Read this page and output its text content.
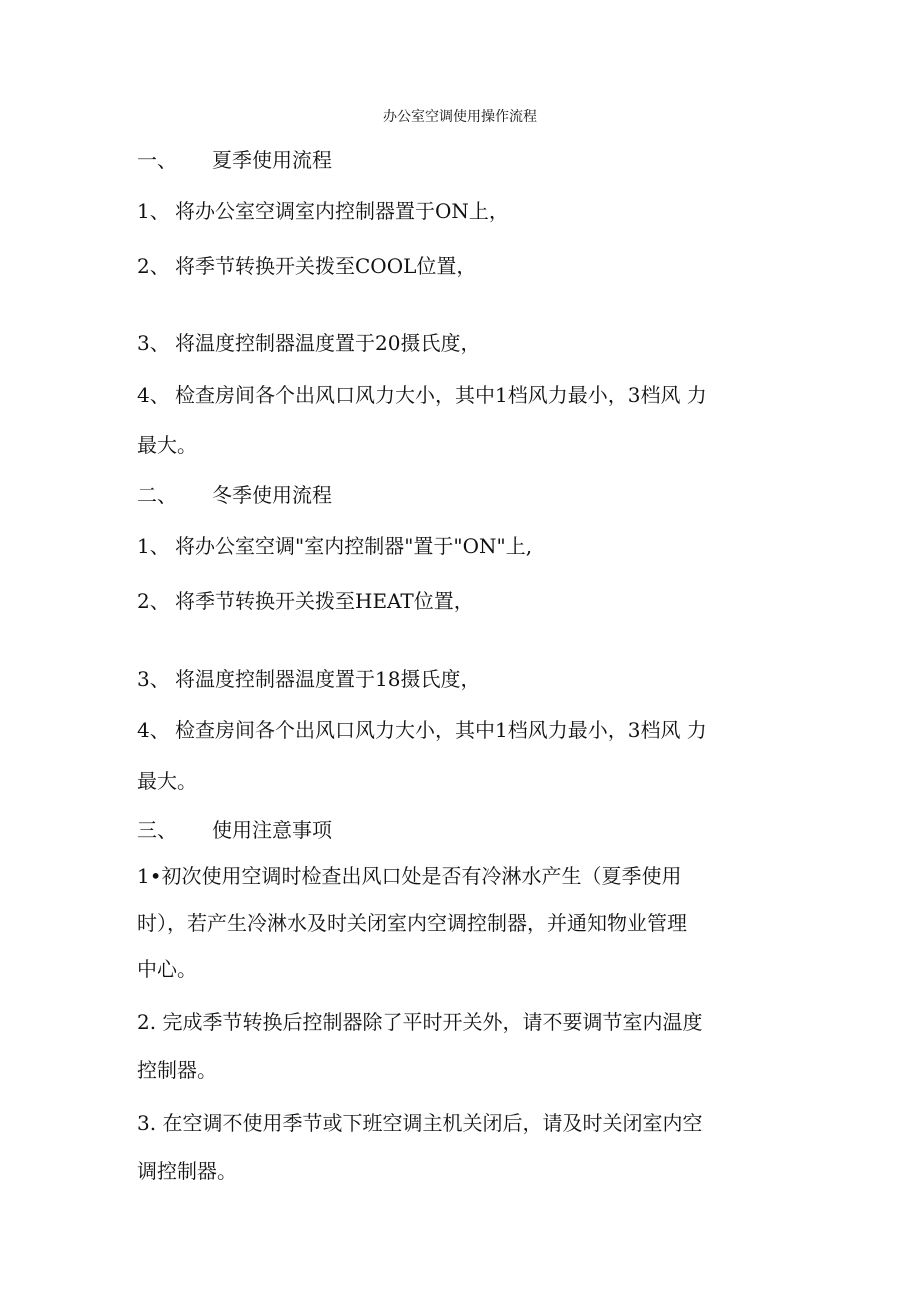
办公室空调使用操作流程
一、 夏季使用流程
1、 将办公室空调室内控制器置于ON上，
2、 将季节转换开关拨至COOL位置，
3、 将温度控制器温度置于20摄氏度，
4、 检查房间各个出风口风力大小，其中1档风力最小，3档风 力
最大。
二、 冬季使用流程
1、 将办公室空调"室内控制器"置于"ON"上,
2、 将季节转换开关拨至HEAT位置，
3、 将温度控制器温度置于18摄氏度，
4、 检查房间各个出风口风力大小，其中1档风力最小，3档风 力
最大。
三、 使用注意事项
1•初次使用空调时检查出风口处是否有冷淋水产生（夏季使用
时），若产生冷淋水及时关闭室内空调控制器，并通知物业管理
中心。
2. 完成季节转换后控制器除了平时开关外，请不要调节室内温度
控制器。
3. 在空调不使用季节或下班空调主机关闭后，请及时关闭室内空
调控制器。
